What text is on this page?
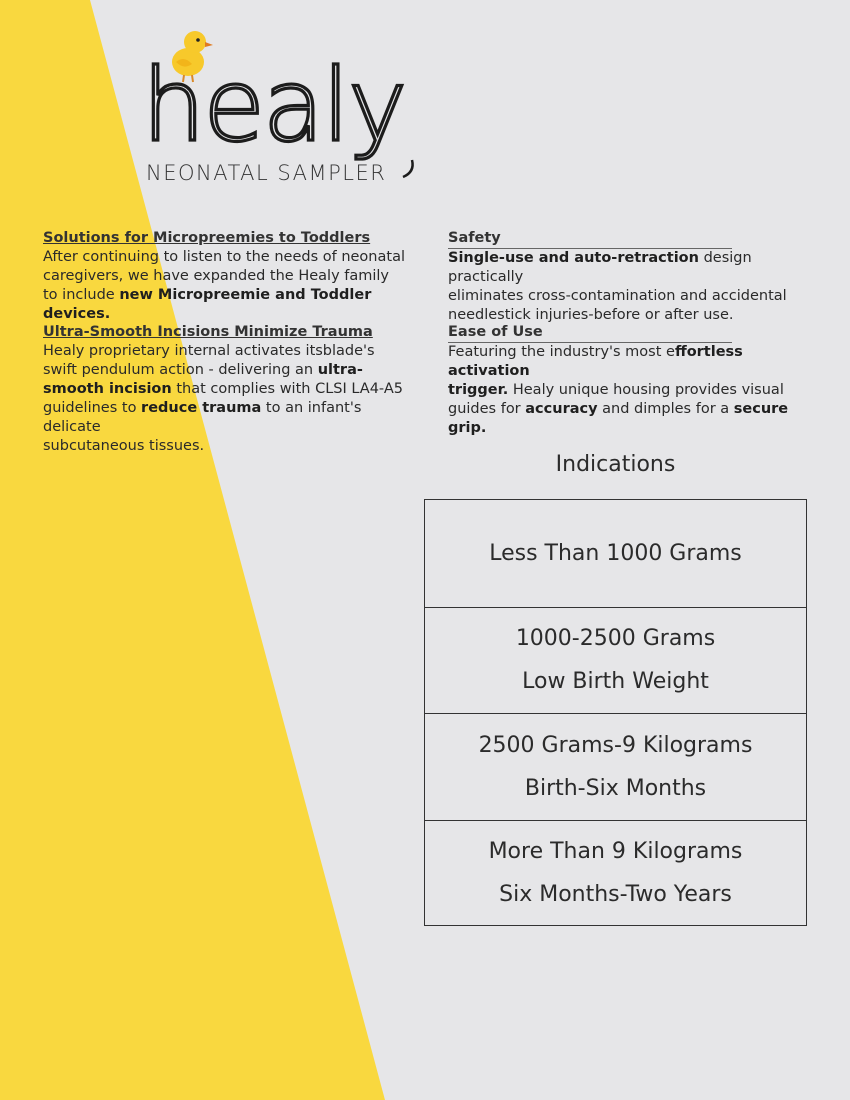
healy
NEONATAL SAMPLER
Solutions for Micropreemies to Toddlers

After continuing to listen to the needs of neonatal

caregivers, we have expanded the Healy family

to include new Micropreemie and Toddler devices.

Ultra-Smooth Incisions Minimize Trauma

Healy proprietary internal activates itsblade's

swift pendulum action - delivering an ultra-

smooth incision that complies with CLSI LA4-A5

guidelines to reduce trauma to an infant's delicate

subcutaneous tissues.

Safety

Single-use and auto-retraction design practically

eliminates cross-contamination and accidental

needlestick injuries-before or after use.

Ease of Use

Featuring the industry's most effortless activation

trigger. Healy unique housing provides visual

guides for accuracy and dimples for a secure grip.

Indications
Less Than 1000 Grams
1000-2500 Grams
Low Birth Weight
2500 Grams-9 Kilograms
Birth-Six Months
More Than 9 Kilograms
Six Months-Two Years
